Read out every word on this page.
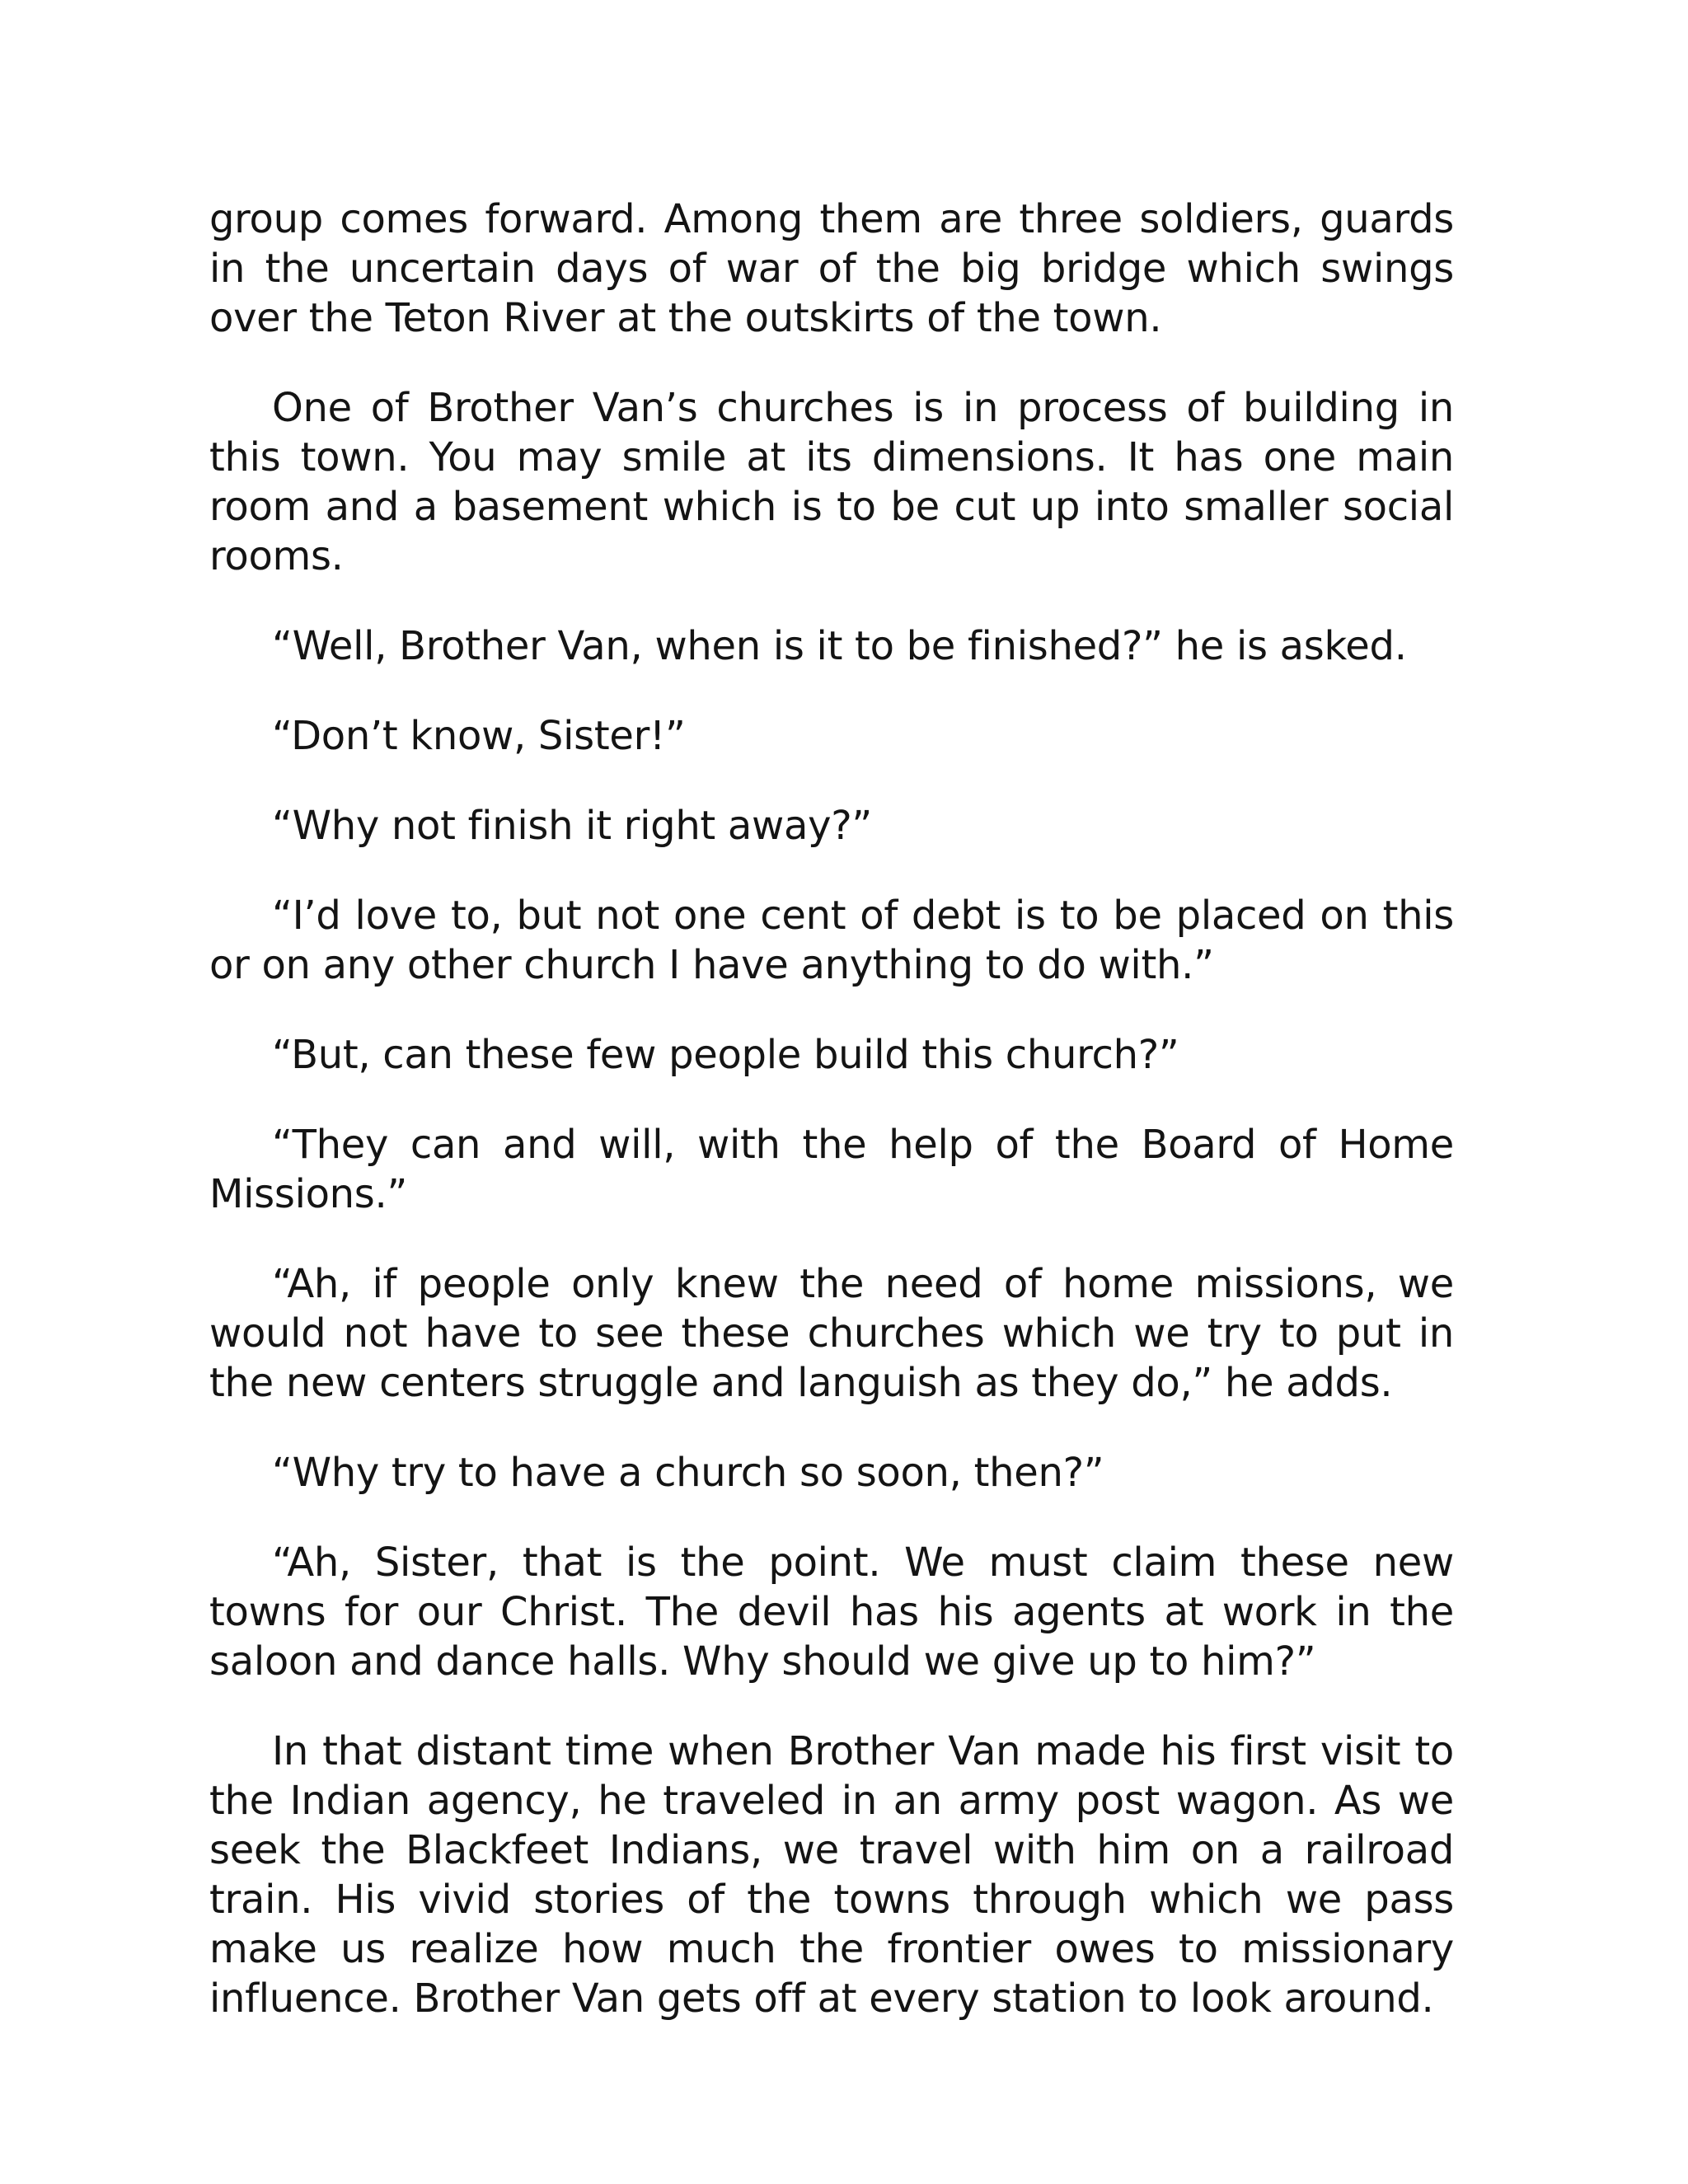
group comes forward. Among them are three soldiers, guards in the uncertain days of war of the big bridge which swings over the Teton River at the outskirts of the town.

One of Brother Van’s churches is in process of building in this town. You may smile at its dimensions. It has one main room and a basement which is to be cut up into smaller social rooms.

“Well, Brother Van, when is it to be finished?” he is asked.

“Don’t know, Sister!”

“Why not finish it right away?”

“I’d love to, but not one cent of debt is to be placed on this or on any other church I have anything to do with.”

“But, can these few people build this church?”

“They can and will, with the help of the Board of Home Missions.”

“Ah, if people only knew the need of home missions, we would not have to see these churches which we try to put in the new centers struggle and languish as they do,” he adds.

“Why try to have a church so soon, then?”

“Ah, Sister, that is the point. We must claim these new towns for our Christ. The devil has his agents at work in the saloon and dance halls. Why should we give up to him?”

In that distant time when Brother Van made his first visit to the Indian agency, he traveled in an army post wagon. As we seek the Blackfeet Indians, we travel with him on a railroad train. His vivid stories of the towns through which we pass make us realize how much the frontier owes to missionary influence. Brother Van gets off at every station to look around.
